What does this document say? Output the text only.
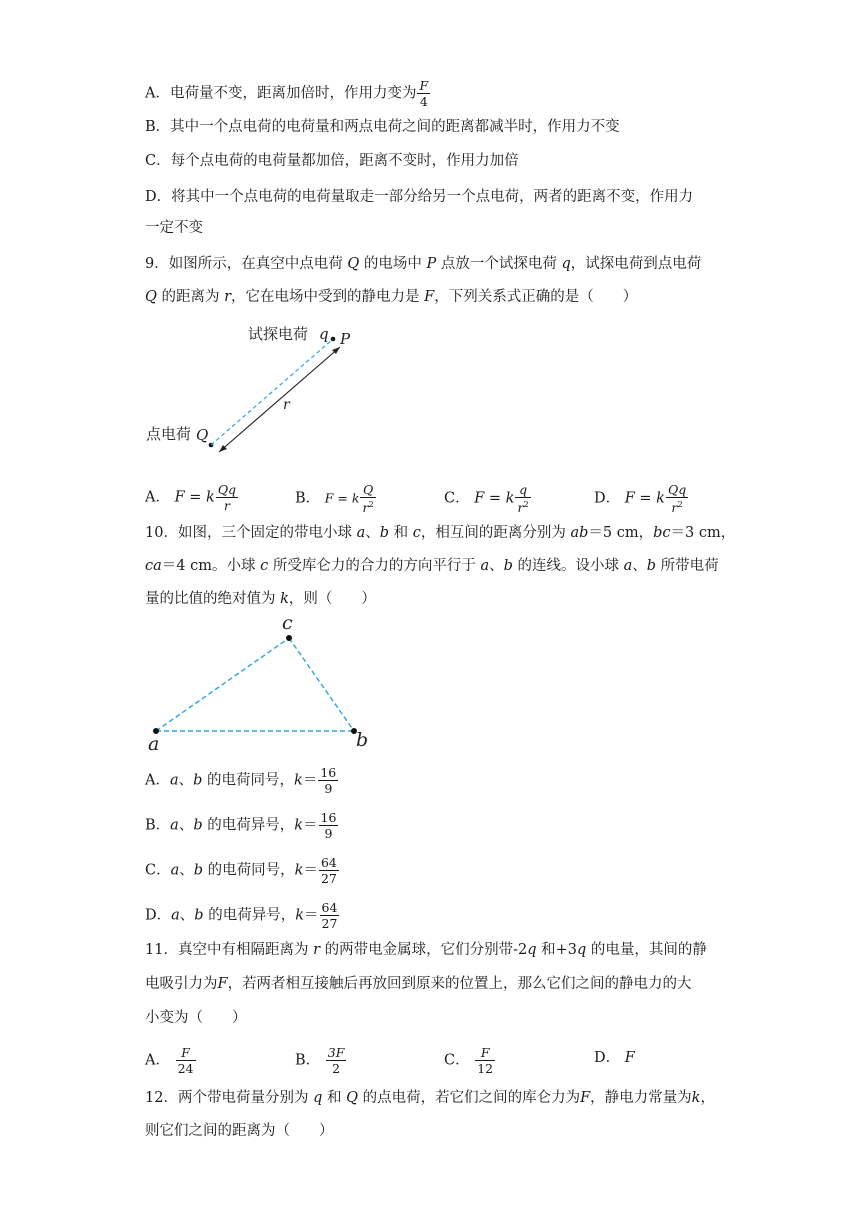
A．电荷量不变，距离加倍时，作用力变为 $\frac{F}{4}$
B．其中一个点电荷的电荷量和两点电荷之间的距离都减半时，作用力不变
C．每个点电荷的电荷量都加倍，距离不变时，作用力加倍
D．将其中一个点电荷的电荷量取走一部分给另一个点电荷，两者的距离不变，作用力
一定不变
9．如图所示，在真空中点电荷 Q 的电场中 P 点放一个试探电荷 q，试探电荷到点电荷
Q 的距离为 r，它在电场中受到的静电力是 F，下列关系式正确的是（　　）
试探电荷 q P
r
点电荷 Q
A． F = k $\frac{Qq}{r}$	B． F = k $\frac{Q}{r^2}$	C． F = k $\frac{q}{r^2}$	D． F = k $\frac{Qq}{r^2}$
10．如图，三个固定的带电小球 a、b 和 c，相互间的距离分别为 ab＝5 cm，bc＝3 cm，
ca＝4 cm。小球 c 所受库仑力的合力的方向平行于 a、b 的连线。设小球 a、b 所带电荷
量的比值的绝对值为 k，则（　　）
a	b
c
A．a、b 的电荷同号，$k= \frac{16}{9}$
B．a、b 的电荷异号，$k= \frac{16}{9}$
C．a、b 的电荷同号，$k= \frac{64}{27}$
D．a、b 的电荷异号，$k= \frac{64}{27}$
11．真空中有相隔距离为 r 的两带电金属球，它们分别带-2q 和+3q 的电量，其间的静
电吸引力为F，若两者相互接触后再放回到原来的位置上，那么它们之间的静电力的大
小变为（　　）
A． $\frac{F}{24}$	B． $\frac{3F}{2}$	C． $\frac{F}{12}$	D． F
12．两个带电荷量分别为 q 和 Q 的点电荷，若它们之间的库仑力为F，静电力常量为k，
则它们之间的距离为（　　）
